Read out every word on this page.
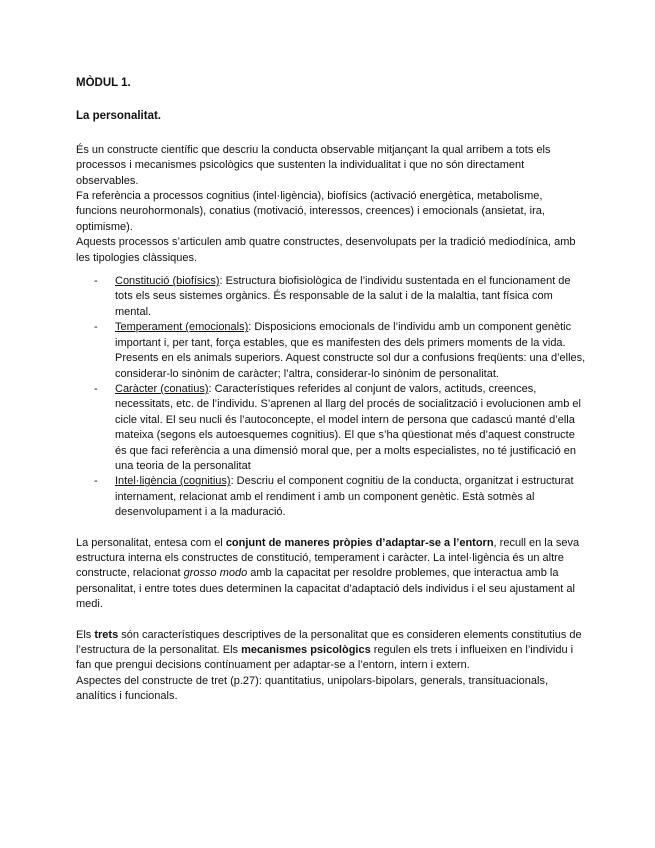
MÒDUL 1.

La personalitat.

És un constructe científic que descriu la conducta observable mitjançant la qual arribem a tots els processos i mecanismes psicològics que sustenten la individualitat i que no són directament observables.

Fa referència a processos cognitius (intel·ligència), biofísics (activació energètica, metabolisme, funcions neurohormonals), conatius (motivació, interessos, creences) i emocionals (ansietat, ira, optimisme).

Aquests processos s’articulen amb quatre constructes, desenvolupats per la tradició mediodínica, amb les tipologies clàssiques.

- Constitució (biofísics): Estructura biofisiològica de l’individu sustentada en el funcionament de tots els seus sistemes orgànics. És responsable de la salut i de la malaltia, tant física com mental.
- Temperament (emocionals): Disposicions emocionals de l’individu amb un component genètic important i, per tant, força estables, que es manifesten des dels primers moments de la vida. Presents en els animals superiors. Aquest constructe sol dur a confusions freqüents: una d’elles, considerar-lo sinònim de caràcter; l’altra, considerar-lo sinònim de personalitat.
- Caràcter (conatius): Característiques referides al conjunt de valors, actituds, creences, necessitats, etc. de l’individu. S’aprenen al llarg del procés de socialització i evolucionen amb el cicle vital. El seu nucli és l’autoconcepte, el model intern de persona que cadascú manté d’ella mateixa (segons els autoesquemes cognitius). El que s’ha qüestionat més d’aquest constructe és que faci referència a una dimensió moral que, per a molts especialistes, no té justificació en una teoria de la personalitat
- Intel·ligència (cognitius): Descriu el component cognitiu de la conducta, organitzat i estructurat internament, relacionat amb el rendiment i amb un component genètic. Està sotmès al desenvolupament i a la maduració.

La personalitat, entesa com el conjunt de maneres pròpies d’adaptar-se a l’entorn, recull en la seva estructura interna els constructes de constitució, temperament i caràcter. La intel·ligència és un altre constructe, relacionat grosso modo amb la capacitat per resoldre problemes, que interactua amb la personalitat, i entre totes dues determinen la capacitat d’adaptació dels individus i el seu ajustament al medi.

Els trets són característiques descriptives de la personalitat que es consideren elements constitutius de l’estructura de la personalitat. Els mecanismes psicològics regulen els trets i influeixen en l’individu i fan que prengui decisions contínuament per adaptar-se a l’entorn, intern i extern.

Aspectes del constructe de tret (p.27): quantitatius, unipolars-bipolars, generals, transituacionals, analítics i funcionals.
